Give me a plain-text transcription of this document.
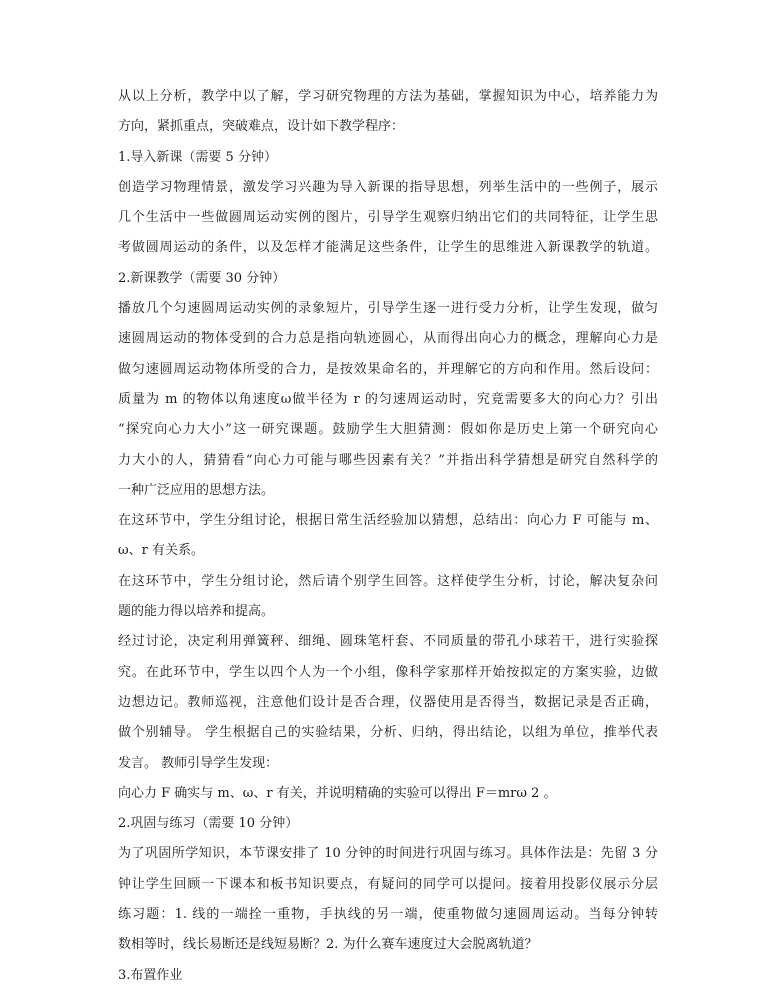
从以上分析，教学中以了解，学习研究物理的方法为基础，掌握知识为中心，培养能力为
方向，紧抓重点，突破难点，设计如下教学程序：
1.导入新课（需要 5 分钟）
创造学习物理情景，激发学习兴趣为导入新课的指导思想，列举生活中的一些例子，展示
几个生活中一些做圆周运动实例的图片，引导学生观察归纳出它们的共同特征，让学生思
考做圆周运动的条件，以及怎样才能满足这些条件，让学生的思维进入新课教学的轨道。
2.新课教学（需要 30 分钟）
播放几个匀速圆周运动实例的录象短片，引导学生逐一进行受力分析，让学生发现，做匀
速圆周运动的物体受到的合力总是指向轨迹圆心，从而得出向心力的概念，理解向心力是
做匀速圆周运动物体所受的合力，是按效果命名的，并理解它的方向和作用。然后设问：
质量为 m 的物体以角速度ω做半径为 r 的匀速周运动时，究竟需要多大的向心力？引出
“探究向心力大小”这一研究课题。鼓励学生大胆猜测：假如你是历史上第一个研究向心
力大小的人，猜猜看“向心力可能与哪些因素有关？”并指出科学猜想是研究自然科学的
一种广泛应用的思想方法。
在这环节中，学生分组讨论，根据日常生活经验加以猜想，总结出：向心力 F 可能与 m、
ω、r 有关系。
在这环节中，学生分组讨论，然后请个别学生回答。这样使学生分析，讨论，解决复杂问
题的能力得以培养和提高。
经过讨论，决定利用弹簧秤、细绳、圆珠笔杆套、不同质量的带孔小球若干，进行实验探
究。在此环节中，学生以四个人为一个小组，像科学家那样开始按拟定的方案实验，边做
边想边记。教师巡视，注意他们设计是否合理，仪器使用是否得当，数据记录是否正确，
做个别辅导。 学生根据自己的实验结果，分析、归纳，得出结论，以组为单位，推举代表
发言。 教师引导学生发现：
向心力 F 确实与 m、ω、r 有关，并说明精确的实验可以得出 F＝mrω 2 。
2.巩固与练习（需要 10 分钟）
为了巩固所学知识，本节课安排了 10 分钟的时间进行巩固与练习。具体作法是：先留 3 分
钟让学生回顾一下课本和板书知识要点，有疑问的同学可以提问。接着用投影仪展示分层
练习题：1. 线的一端拴一重物，手执线的另一端，使重物做匀速圆周运动。当每分钟转
数相等时，线长易断还是线短易断？2. 为什么赛车速度过大会脱离轨道？
3.布置作业
